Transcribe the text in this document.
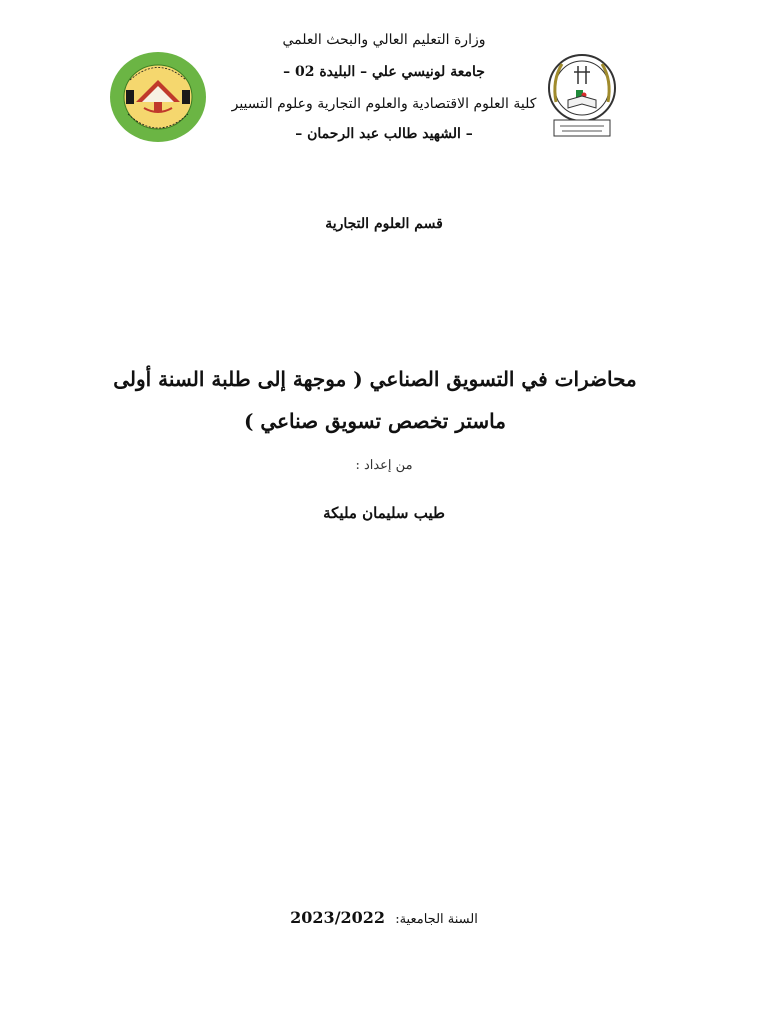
وزارة التعليم العالي والبحث العلمي
جامعة لونيسي علي – البليدة 02 –
كلية العلوم الاقتصادية والعلوم التجارية وعلوم التسيير
– الشهيد طالب عبد الرحمان –
قسم العلوم التجارية
محاضرات في التسويق الصناعي ( موجهة إلى طلبة السنة أولى ماستر تخصص تسويق صناعي )
من إعداد :
طيب سليمان مليكة
السنة الجامعية: 2023/2022
